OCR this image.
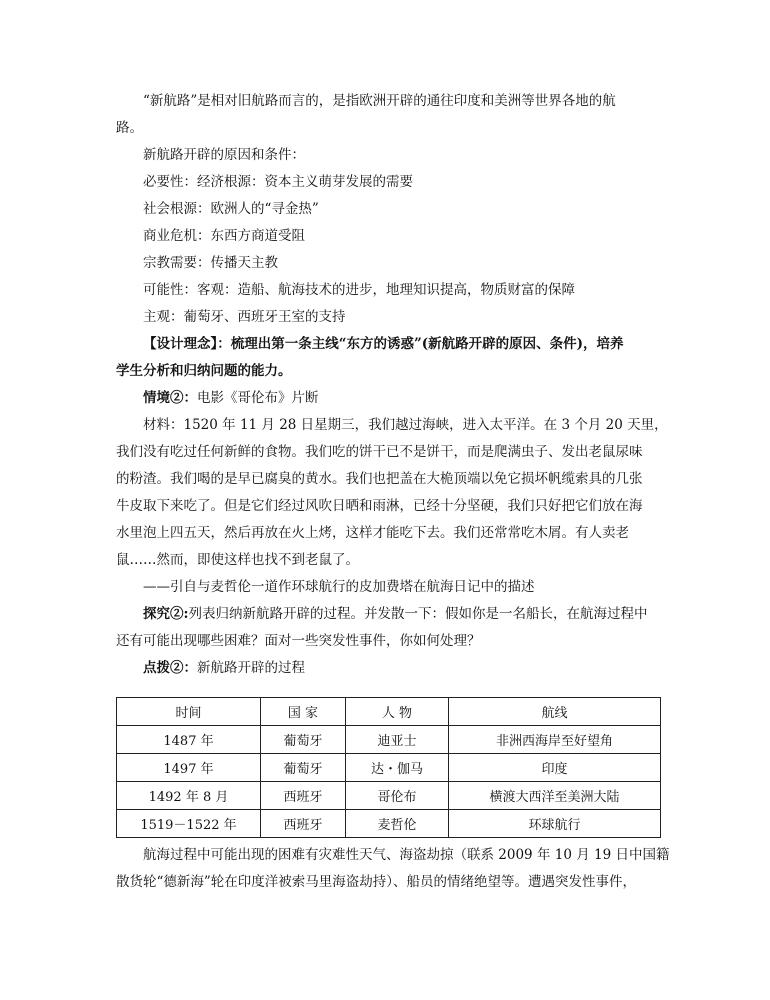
“新航路”是相对旧航路而言的，是指欧洲开辟的通往印度和美洲等世界各地的航
路。
新航路开辟的原因和条件：
必要性：经济根源：资本主义萌芽发展的需要
社会根源：欧洲人的“寻金热”
商业危机：东西方商道受阻
宗教需要：传播天主教
可能性：客观：造船、航海技术的进步，地理知识提高，物质财富的保障
主观：葡萄牙、西班牙王室的支持
【设计理念】：梳理出第一条主线“东方的诱惑”(新航路开辟的原因、条件)，培养
学生分析和归纳问题的能力。
情境②：电影《哥伦布》片断
材料：1520 年 11 月 28 日星期三，我们越过海峡，进入太平洋。在 3 个月 20 天里，
我们没有吃过任何新鲜的食物。我们吃的饼干已不是饼干，而是爬满虫子、发出老鼠尿味
的粉渣。我们喝的是早已腐臭的黄水。我们也把盖在大桅顶端以免它损坏帆缆索具的几张
牛皮取下来吃了。但是它们经过风吹日晒和雨淋，已经十分坚硬，我们只好把它们放在海
水里泡上四五天，然后再放在火上烤，这样才能吃下去。我们还常常吃木屑。有人卖老
鼠……然而，即使这样也找不到老鼠了。
——引自与麦哲伦一道作环球航行的皮加费塔在航海日记中的描述
探究②:列表归纳新航路开辟的过程。并发散一下：假如你是一名船长，在航海过程中
还有可能出现哪些困难？面对一些突发性事件，你如何处理？
点拨②：新航路开辟的过程
时间	国 家	人 物	航线
1487 年	葡萄牙	迪亚士	非洲西海岸至好望角
1497 年	葡萄牙	达・伽马	印度
1492 年 8 月	西班牙	哥伦布	横渡大西洋至美洲大陆
1519－1522 年	西班牙	麦哲伦	环球航行
航海过程中可能出现的困难有灾难性天气、海盗劫掠（联系 2009 年 10 月 19 日中国籍
散货轮“德新海”轮在印度洋被索马里海盗劫持）、船员的情绪绝望等。遭遇突发性事件，
